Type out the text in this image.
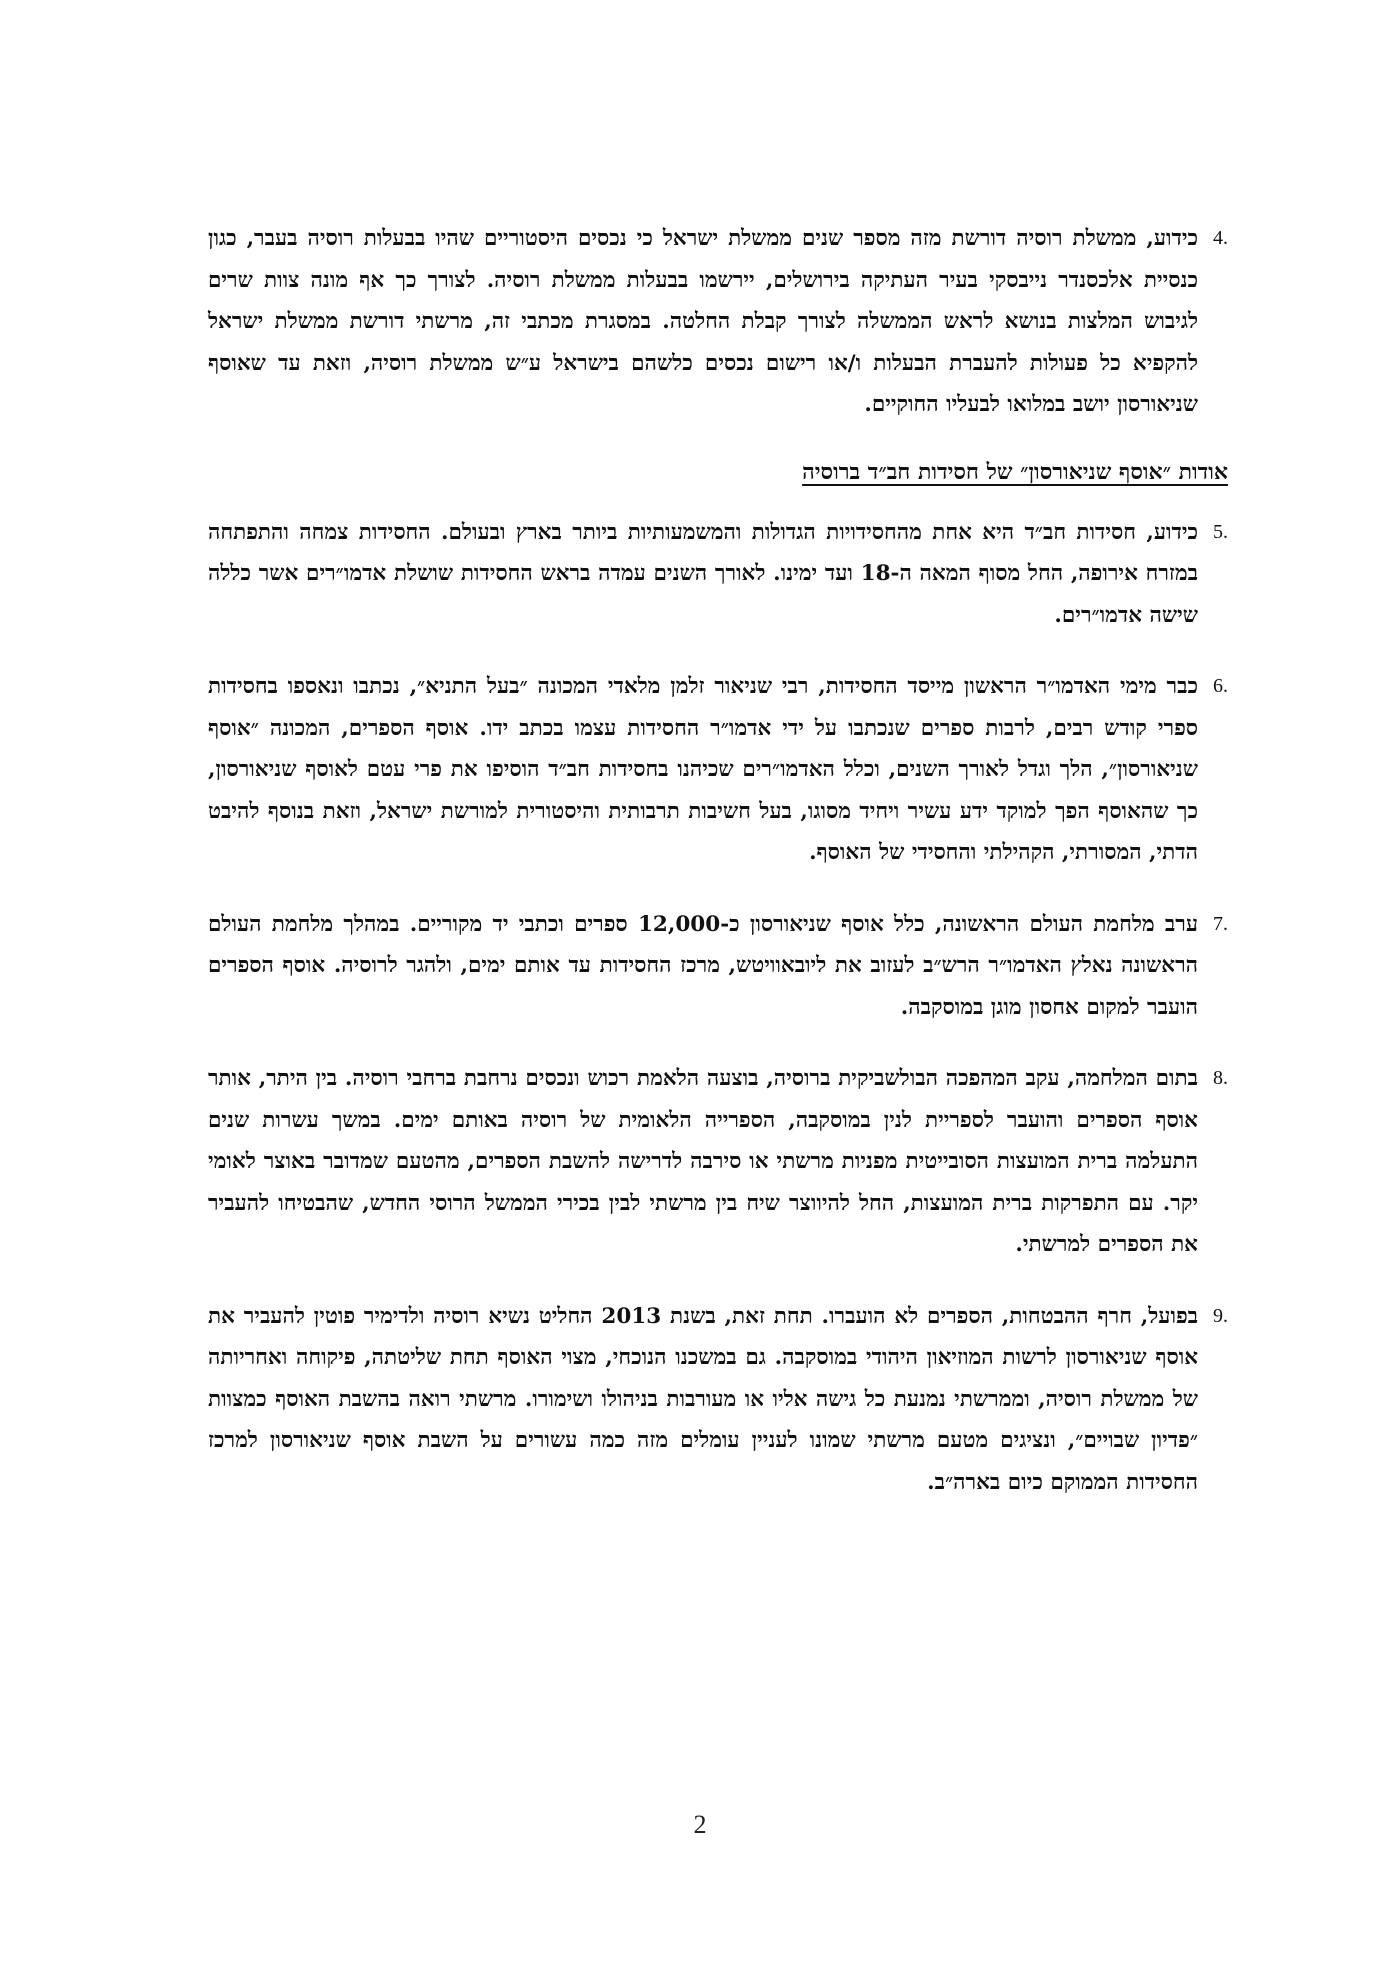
4.
כידוע, ממשלת רוסיה דורשת מזה מספר שנים ממשלת ישראל כי נכסים היסטוריים שהיו בבעלות רוסיה בעבר, כגון כנסיית אלכסנדר נייבסקי בעיר העתיקה בירושלים, יירשמו בבעלות ממשלת רוסיה. לצורך כך אף מונה צוות שרים לגיבוש המלצות בנושא לראש הממשלה לצורך קבלת החלטה. במסגרת מכתבי זה, מרשתי דורשת ממשלת ישראל להקפיא כל פעולות להעברת הבעלות ו/או רישום נכסים כלשהם בישראל ע״ש ממשלת רוסיה, וזאת עד שאוסף שניאורסון יושב במלואו לבעליו החוקיים.
אודות ״אוסף שניאורסון״ של חסידות חב״ד ברוסיה
5.
כידוע, חסידות חב״ד היא אחת מהחסידויות הגדולות והמשמעותיות ביותר בארץ ובעולם. החסידות צמחה והתפתחה במזרח אירופה, החל מסוף המאה ה-18 ועד ימינו. לאורך השנים עמדה בראש החסידות שושלת אדמו״רים אשר כללה שישה אדמו״רים.
6.
כבר מימי האדמו״ר הראשון מייסד החסידות, רבי שניאור זלמן מלאדי המכונה ״בעל התניא״, נכתבו ונאספו בחסידות ספרי קודש רבים, לרבות ספרים שנכתבו על ידי אדמו״ר החסידות עצמו בכתב ידו. אוסף הספרים, המכונה ״אוסף שניאורסון״, הלך וגדל לאורך השנים, וכלל האדמו״רים שכיהנו בחסידות חב״ד הוסיפו את פרי עטם לאוסף שניאורסון, כך שהאוסף הפך למוקד ידע עשיר ויחיד מסוגו, בעל חשיבות תרבותית והיסטורית למורשת ישראל, וזאת בנוסף להיבט הדתי, המסורתי, הקהילתי והחסידי של האוסף.
7.
ערב מלחמת העולם הראשונה, כלל אוסף שניאורסון כ-12,000 ספרים וכתבי יד מקוריים. במהלך מלחמת העולם הראשונה נאלץ האדמו״ר הרש״ב לעזוב את ליובאוויטש, מרכז החסידות עד אותם ימים, ולהגר לרוסיה. אוסף הספרים הועבר למקום אחסון מוגן במוסקבה.
8.
בתום המלחמה, עקב המהפכה הבולשביקית ברוסיה, בוצעה הלאמת רכוש ונכסים נרחבת ברחבי רוסיה. בין היתר, אותר אוסף הספרים והועבר לספריית לנין במוסקבה, הספרייה הלאומית של רוסיה באותם ימים. במשך עשרות שנים התעלמה ברית המועצות הסובייטית מפניות מרשתי או סירבה לדרישה להשבת הספרים, מהטעם שמדובר באוצר לאומי יקר. עם התפרקות ברית המועצות, החל להיווצר שיח בין מרשתי לבין בכירי הממשל הרוסי החדש, שהבטיחו להעביר את הספרים למרשתי.
9.
בפועל, חרף ההבטחות, הספרים לא הועברו. תחת זאת, בשנת 2013 החליט נשיא רוסיה ולדימיר פוטין להעביר את אוסף שניאורסון לרשות המוזיאון היהודי במוסקבה. גם במשכנו הנוכחי, מצוי האוסף תחת שליטתה, פיקוחה ואחריותה של ממשלת רוסיה, וממרשתי נמנעת כל גישה אליו או מעורבות בניהולו ושימורו. מרשתי רואה בהשבת האוסף כמצוות ״פדיון שבויים״, ונציגים מטעם מרשתי שמונו לעניין עומלים מזה כמה עשורים על השבת אוסף שניאורסון למרכז החסידות הממוקם כיום בארה״ב.
2
